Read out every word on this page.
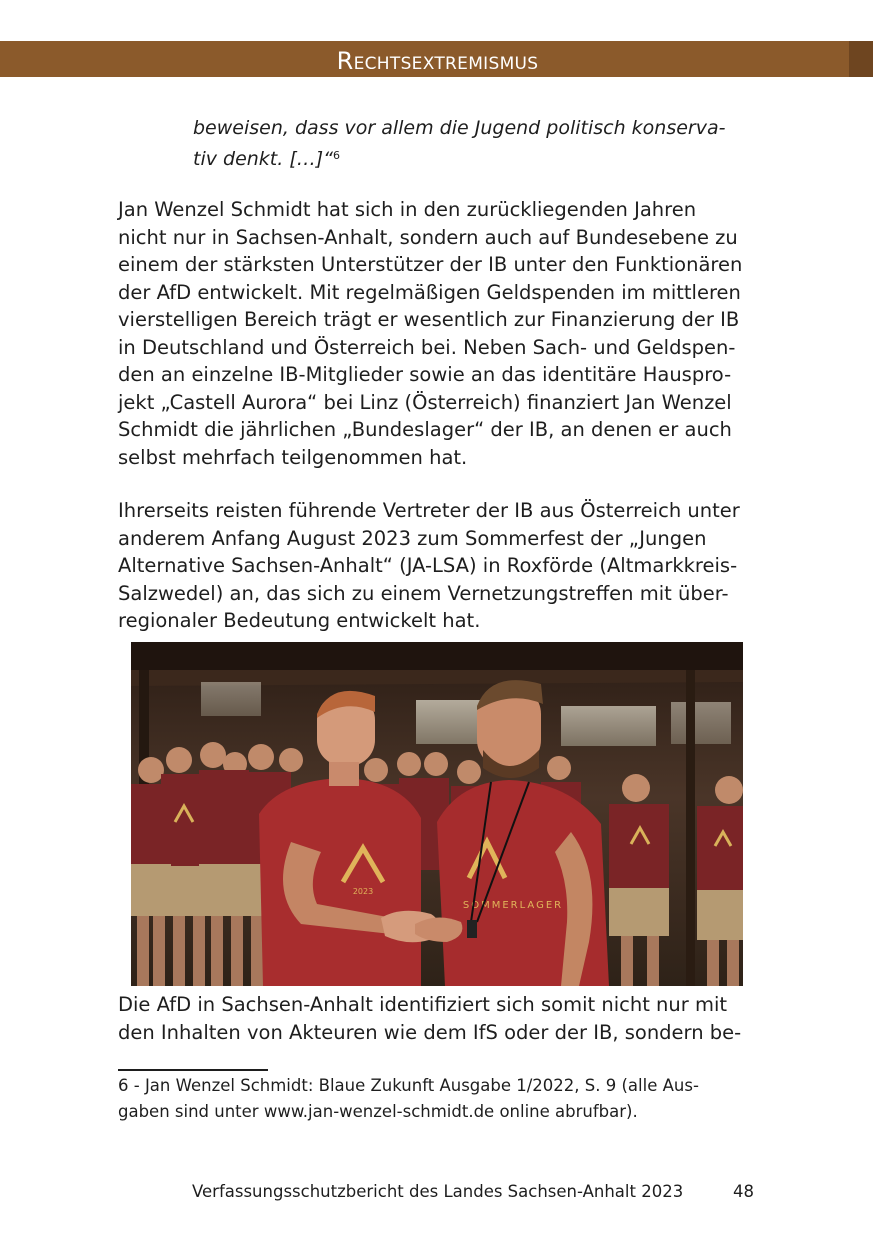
Rechtsextremismus
beweisen, dass vor allem die Jugend politisch konserva-
tiv denkt. […]“$^6$
Jan Wenzel Schmidt hat sich in den zurückliegenden Jahren
nicht nur in Sachsen-Anhalt, sondern auch auf Bundesebene zu
einem der stärksten Unterstützer der IB unter den Funktionären
der AfD entwickelt. Mit regelmäßigen Geldspenden im mittleren
vierstelligen Bereich trägt er wesentlich zur Finanzierung der IB
in Deutschland und Österreich bei. Neben Sach- und Geldspen-
den an einzelne IB-Mitglieder sowie an das identitäre Hauspro-
jekt „Castell Aurora“ bei Linz (Österreich) finanziert Jan Wenzel
Schmidt die jährlichen „Bundeslager“ der IB, an denen er auch
selbst mehrfach teilgenommen hat.
Ihrerseits reisten führende Vertreter der IB aus Österreich unter
anderem Anfang August 2023 zum Sommerfest der „Jungen
Alternative Sachsen-Anhalt“ (JA-LSA) in Roxförde (Altmarkkreis-
Salzwedel) an, das sich zu einem Vernetzungstreffen mit über-
regionaler Bedeutung entwickelt hat.
2023
SOMMERLAGER
Die AfD in Sachsen-Anhalt identifiziert sich somit nicht nur mit
den Inhalten von Akteuren wie dem IfS oder der IB, sondern be-
6 - Jan Wenzel Schmidt: Blaue Zukunft Ausgabe 1/2022, S. 9 (alle Aus-
gaben sind unter www.jan-wenzel-schmidt.de online abrufbar).
Verfassungsschutzbericht des Landes Sachsen-Anhalt 2023	48
